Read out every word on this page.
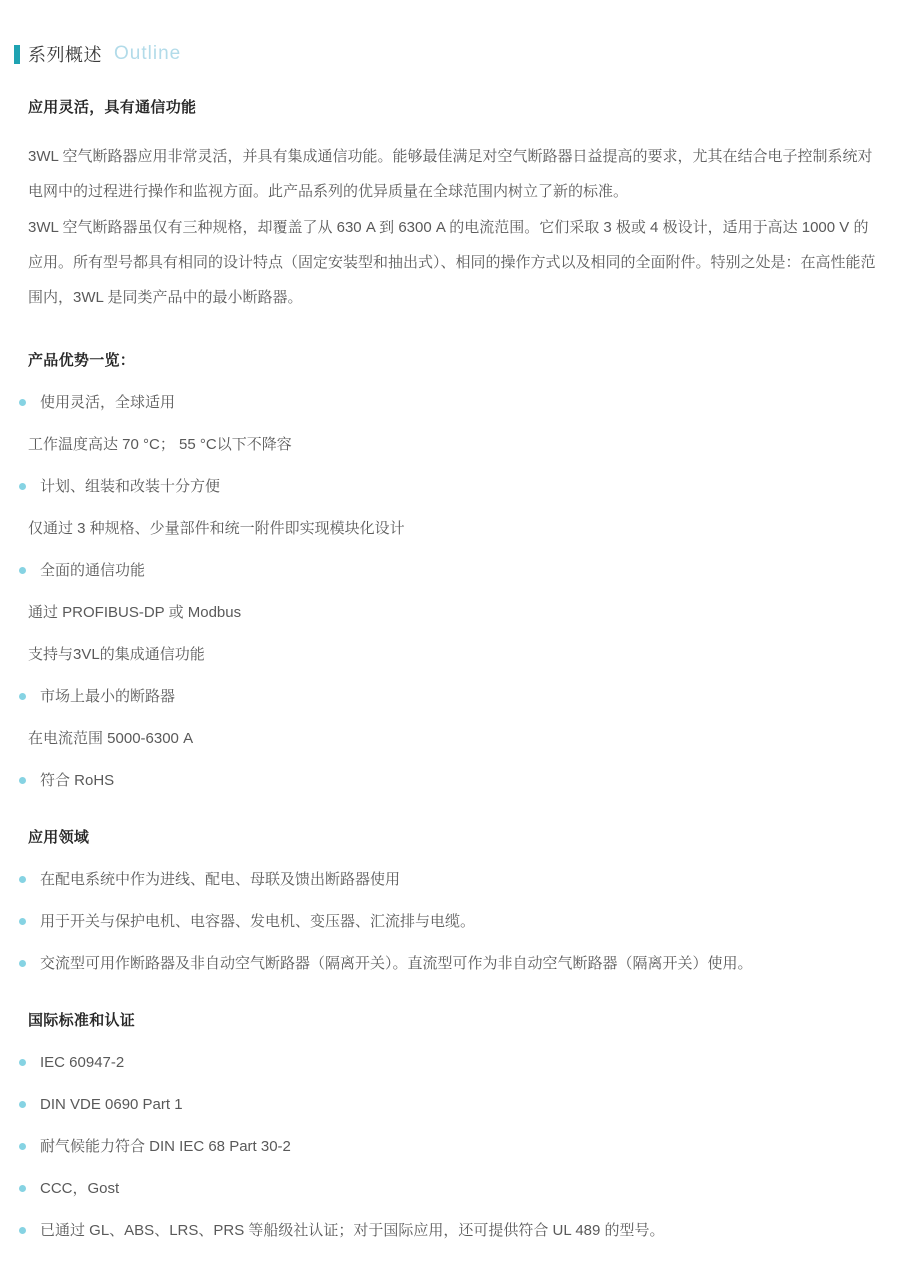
系列概述 Outline
应用灵活，具有通信功能

3WL 空气断路器应用非常灵活，并具有集成通信功能。能够最佳满足对空气断路器日益提高的要求，尤其在结合电子控制系统对电网中的过程进行操作和监视方面。此产品系列的优异质量在全球范围内树立了新的标准。

3WL 空气断路器虽仅有三种规格，却覆盖了从 630 A 到 6300 A 的电流范围。它们采取 3 极或 4 极设计，适用于高达 1000 V 的应用。所有型号都具有相同的设计特点（固定安装型和抽出式）、相同的操作方式以及相同的全面附件。特别之处是：在高性能范围内，3WL 是同类产品中的最小断路器。

产品优势一览：
使用灵活，全球适用
工作温度高达 70 °C； 55 °C以下不降容
计划、组装和改装十分方便
仅通过 3 种规格、少量部件和统一附件即实现模块化设计
全面的通信功能
通过 PROFIBUS-DP 或 Modbus
支持与3VL的集成通信功能
市场上最小的断路器
在电流范围 5000-6300 A
符合 RoHS
应用领域
在配电系统中作为进线、配电、母联及馈出断路器使用
用于开关与保护电机、电容器、发电机、变压器、汇流排与电缆。
交流型可用作断路器及非自动空气断路器（隔离开关）。直流型可作为非自动空气断路器（隔离开关）使用。
国际标准和认证
IEC 60947-2
DIN VDE 0690 Part 1
耐气候能力符合 DIN IEC 68 Part 30-2
CCC，Gost
已通过 GL、ABS、LRS、PRS 等船级社认证；对于国际应用，还可提供符合 UL 489 的型号。
